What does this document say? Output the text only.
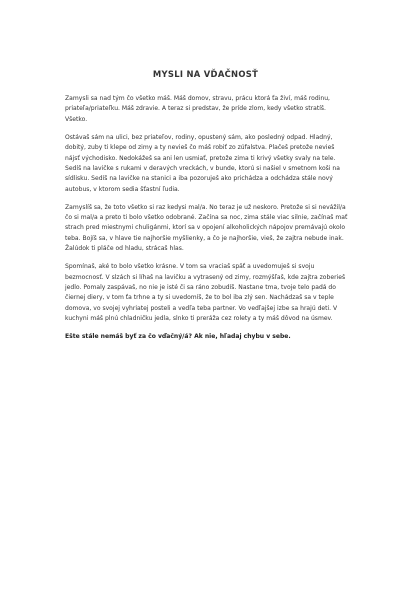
MYSLI NA VĎAČNOSŤ

Zamysli sa nad tým čo všetko máš. Máš domov, stravu, prácu ktorá ťa živí, máš rodinu, priateľa/priateľku. Máš zdravie. A teraz si predstav, že príde zlom, kedy všetko stratíš. Všetko.

Ostávaš sám na ulici, bez priateľov, rodiny, opustený sám, ako posledný odpad. Hladný, dobitý, zuby ti klepe od zimy a ty nevieš čo máš robiť zo zúfalstva. Plačeš pretože nevieš nájsť východisko. Nedokážeš sa ani len usmiať, pretože zima ti krivý všetky svaly na tele. Sedíš na lavičke s rukami v deravých vreckách, v bunde, ktorú si našiel v smetnom koši na sídlisku. Sedíš na lavičke na stanici a iba pozoruješ ako prichádza a odchádza stále nový autobus, v ktorom sedia šťastní ľudia.

Zamyslíš sa, že toto všetko si raz kedysi mal/a. No teraz je už neskoro. Pretože si si nevážil/a čo si mal/a a preto ti bolo všetko odobrané. Začína sa noc, zima stále viac silnie, začínaš mať strach pred miestnymi chuligánmi, ktorí sa v opojení alkoholických nápojov premávajú okolo teba. Bojíš sa, v hlave tie najhoršie myšlienky, a čo je najhoršie, vieš, že zajtra nebude inak. Žalúdok ti pláče od hladu, strácaš hlas.

Spomínaš, aké to bolo všetko krásne. V tom sa vraciaš späť a uvedomuješ si svoju bezmocnosť. V slzách si líhaš na lavičku a vytrasený od zimy, rozmýšľaš, kde zajtra zoberieš jedlo. Pomaly zaspávaš, no nie je isté či sa ráno zobudíš. Nastane tma, tvoje telo padá do čiernej diery, v tom ťa trhne a ty si uvedomíš, že to bol iba zlý sen. Nachádzaš sa v teple domova, vo svojej vyhriatej posteli a vedľa teba partner. Vo vedľajšej izbe sa hrajú deti. V kuchyni máš plnú chladničku jedla, slnko ti preráža cez rolety a ty máš dôvod na úsmev.

Ešte stále nemáš byť za čo vďačný/á? Ak nie, hľadaj chybu v sebe.
